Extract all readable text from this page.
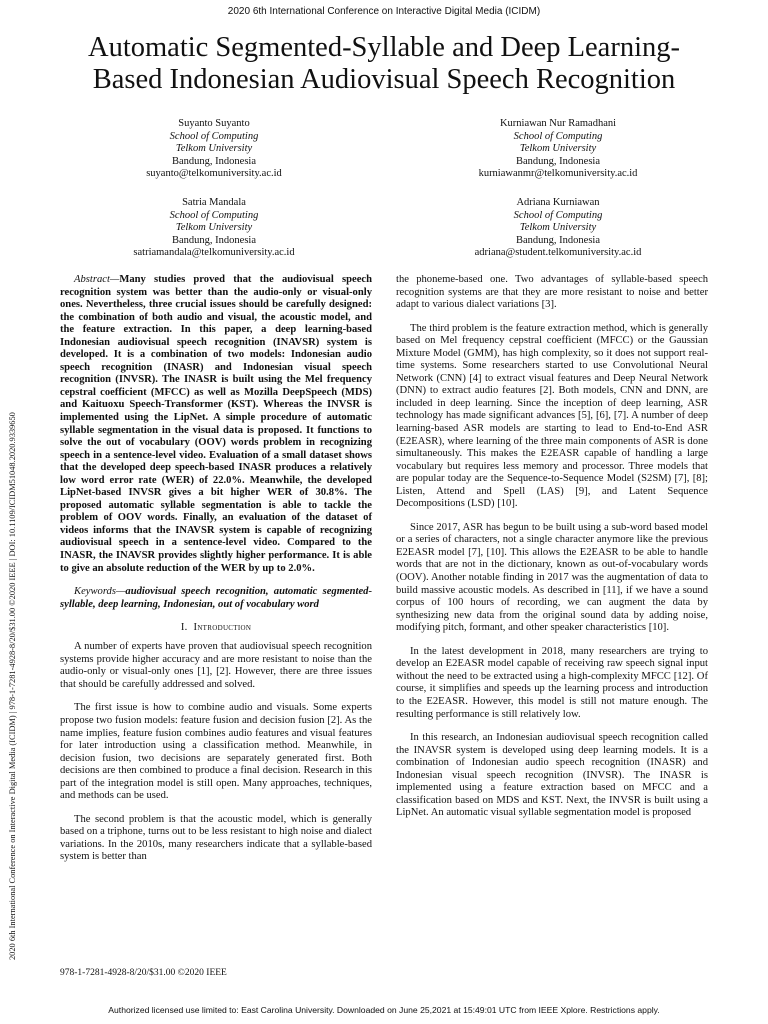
2020 6th International Conference on Interactive Digital Media (ICIDM)
2020 6th International Conference on Interactive Digital Media (ICIDM) | 978-1-7281-4928-8/20/$31.00 ©2020 IEEE | DOI: 10.1109/ICIDM51048.2020.9339650
Automatic Segmented-Syllable and Deep Learning-
Based Indonesian Audiovisual Speech Recognition
Suyanto Suyanto
School of Computing
Telkom University
Bandung, Indonesia
suyanto@telkomuniversity.ac.id
Kurniawan Nur Ramadhani
School of Computing
Telkom University
Bandung, Indonesia
kurniawanmr@telkomuniversity.ac.id
Satria Mandala
School of Computing
Telkom University
Bandung, Indonesia
satriamandala@telkomuniversity.ac.id
Adriana Kurniawan
School of Computing
Telkom University
Bandung, Indonesia
adriana@student.telkomuniversity.ac.id

Abstract—Many studies proved that the audiovisual speech recognition system was better than the audio-only or visual-only ones. Nevertheless, three crucial issues should be carefully designed: the combination of both audio and visual, the acoustic model, and the feature extraction. In this paper, a deep learning-based Indonesian audiovisual speech recognition (INAVSR) system is developed. It is a combination of two models: Indonesian audio speech recognition (INASR) and Indonesian visual speech recognition (INVSR). The INASR is built using the Mel frequency cepstral coefficient (MFCC) as well as Mozilla DeepSpeech (MDS) and Kaituoxu Speech-Transformer (KST). Whereas the INVSR is implemented using the LipNet. A simple procedure of automatic syllable segmentation in the visual data is proposed. It functions to solve the out of vocabulary (OOV) words problem in recognizing speech in a sentence-level video. Evaluation of a small dataset shows that the developed deep speech-based INASR produces a relatively low word error rate (WER) of 22.0%. Meanwhile, the developed LipNet-based INVSR gives a bit higher WER of 30.8%. The proposed automatic syllable segmentation is able to tackle the problem of OOV words. Finally, an evaluation of the dataset of videos informs that the INAVSR system is capable of recognizing audiovisual speech in a sentence-level video. Compared to the INASR, the INAVSR provides slightly higher performance. It is able to give an absolute reduction of the WER by up to 2.0%.

Keywords—audiovisual speech recognition, automatic segmented-syllable, deep learning, Indonesian, out of vocabulary word

I. Introduction

A number of experts have proven that audiovisual speech recognition systems provide higher accuracy and are more resistant to noise than the audio-only or visual-only ones [1], [2]. However, there are three issues that should be carefully addressed and solved.

The first issue is how to combine audio and visuals. Some experts propose two fusion models: feature fusion and decision fusion [2]. As the name implies, feature fusion combines audio features and visual features for later introduction using a classification method. Meanwhile, in decision fusion, two decisions are separately generated first. Both decisions are then combined to produce a final decision. Research in this part of the integration model is still open. Many approaches, techniques, and methods can be used.

The second problem is that the acoustic model, which is generally based on a triphone, turns out to be less resistant to high noise and dialect variations. In the 2010s, many researchers indicate that a syllable-based system is better than

the phoneme-based one. Two advantages of syllable-based speech recognition systems are that they are more resistant to noise and better adapt to various dialect variations [3].

The third problem is the feature extraction method, which is generally based on Mel frequency cepstral coefficient (MFCC) or the Gaussian Mixture Model (GMM), has high complexity, so it does not support real-time systems. Some researchers started to use Convolutional Neural Network (CNN) [4] to extract visual features and Deep Neural Network (DNN) to extract audio features [2]. Both models, CNN and DNN, are included in deep learning. Since the inception of deep learning, ASR technology has made significant advances [5], [6], [7]. A number of deep learning-based ASR models are starting to lead to End-to-End ASR (E2EASR), where learning of the three main components of ASR is done simultaneously. This makes the E2EASR capable of handling a large vocabulary but requires less memory and processor. Three models that are popular today are the Sequence-to-Sequence Model (S2SM) [7], [8]; Listen, Attend and Spell (LAS) [9], and Latent Sequence Decompositions (LSD) [10].

Since 2017, ASR has begun to be built using a sub-word based model or a series of characters, not a single character anymore like the previous E2EASR model [7], [10]. This allows the E2EASR to be able to handle words that are not in the dictionary, known as out-of-vocabulary words (OOV). Another notable finding in 2017 was the augmentation of data to build massive acoustic models. As described in [11], if we have a sound corpus of 100 hours of recording, we can augment the data by synthesizing new data from the original sound data by adding noise, modifying pitch, formant, and other speaker characteristics [10].

In the latest development in 2018, many researchers are trying to develop an E2EASR model capable of receiving raw speech signal input without the need to be extracted using a high-complexity MFCC [12]. Of course, it simplifies and speeds up the learning process and introduction to the E2EASR. However, this model is still not mature enough. The resulting performance is still relatively low.

In this research, an Indonesian audiovisual speech recognition called the INAVSR system is developed using deep learning models. It is a combination of Indonesian audio speech recognition (INASR) and Indonesian visual speech recognition (INVSR). The INASR is implemented using a feature extraction based on MFCC and a classification based on MDS and KST. Next, the INVSR is built using a LipNet. An automatic visual syllable segmentation model is proposed

978-1-7281-4928-8/20/$31.00 ©2020 IEEE
Authorized licensed use limited to: East Carolina University. Downloaded on June 25,2021 at 15:49:01 UTC from IEEE Xplore. Restrictions apply.
